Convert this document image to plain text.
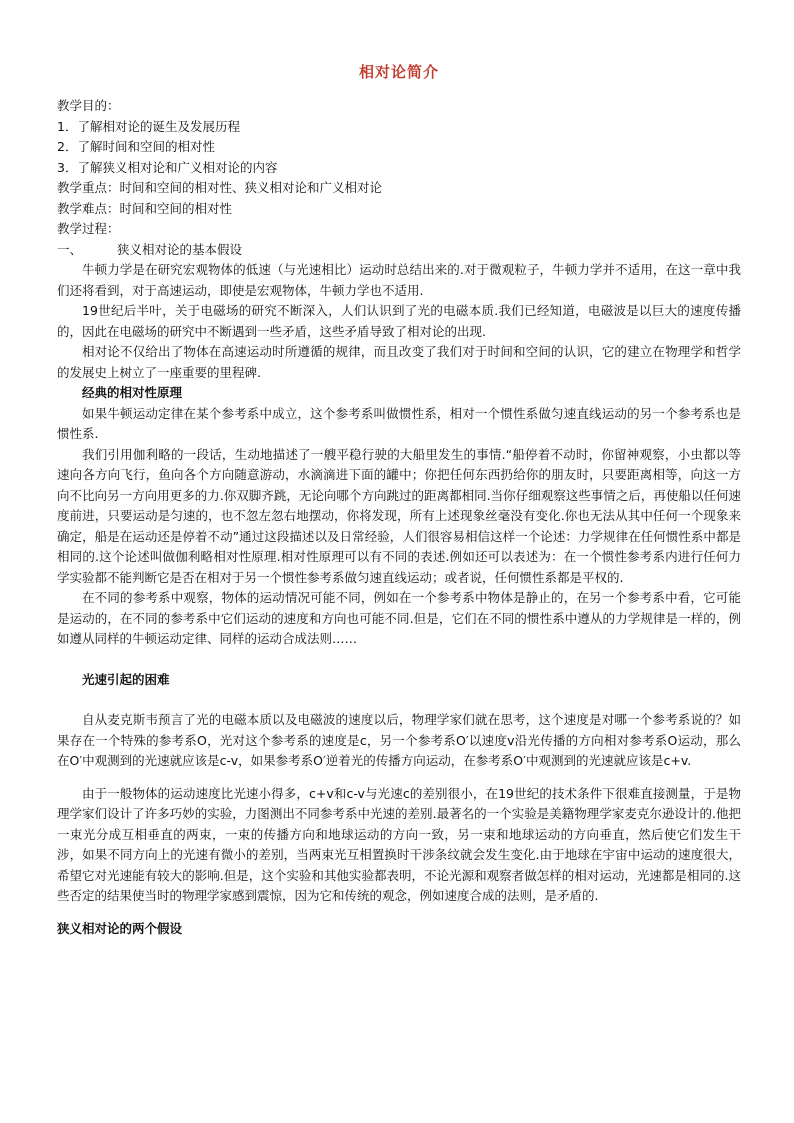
相对论简介

教学目的：

1．了解相对论的诞生及发展历程

2．了解时间和空间的相对性

3．了解狭义相对论和广义相对论的内容

教学重点：时间和空间的相对性、狭义相对论和广义相对论

教学难点：时间和空间的相对性

教学过程：

一、	狭义相对论的基本假设

牛顿力学是在研究宏观物体的低速（与光速相比）运动时总结出来的.对于微观粒子，牛顿力学并不适用，在这一章中我们还将看到，对于高速运动，即使是宏观物体，牛顿力学也不适用.

19世纪后半叶，关于电磁场的研究不断深入，人们认识到了光的电磁本质.我们已经知道，电磁波是以巨大的速度传播的，因此在电磁场的研究中不断遇到一些矛盾，这些矛盾导致了相对论的出现.

相对论不仅给出了物体在高速运动时所遵循的规律，而且改变了我们对于时间和空间的认识，它的建立在物理学和哲学的发展史上树立了一座重要的里程碑.

经典的相对性原理

如果牛顿运动定律在某个参考系中成立，这个参考系叫做惯性系，相对一个惯性系做匀速直线运动的另一个参考系也是惯性系.

我们引用伽利略的一段话，生动地描述了一艘平稳行驶的大船里发生的事情.“船停着不动时，你留神观察，小虫都以等速向各方向飞行，鱼向各个方向随意游动，水滴滴进下面的罐中；你把任何东西扔给你的朋友时，只要距离相等，向这一方向不比向另一方向用更多的力.你双脚齐跳，无论向哪个方向跳过的距离都相同.当你仔细观察这些事情之后，再使船以任何速度前进，只要运动是匀速的，也不忽左忽右地摆动，你将发现，所有上述现象丝毫没有变化.你也无法从其中任何一个现象来确定，船是在运动还是停着不动”通过这段描述以及日常经验，人们很容易相信这样一个论述：力学规律在任何惯性系中都是相同的.这个论述叫做伽利略相对性原理.相对性原理可以有不同的表述.例如还可以表述为：在一个惯性参考系内进行任何力学实验都不能判断它是否在相对于另一个惯性参考系做匀速直线运动；或者说，任何惯性系都是平权的.

在不同的参考系中观察，物体的运动情况可能不同，例如在一个参考系中物体是静止的，在另一个参考系中看，它可能是运动的，在不同的参考系中它们运动的速度和方向也可能不同.但是，它们在不同的惯性系中遵从的力学规律是一样的，例如遵从同样的牛顿运动定律、同样的运动合成法则……

光速引起的困难

自从麦克斯韦预言了光的电磁本质以及电磁波的速度以后，物理学家们就在思考，这个速度是对哪一个参考系说的？如果存在一个特殊的参考系O，光对这个参考系的速度是c，另一个参考系O′以速度v沿光传播的方向相对参考系O运动，那么在O′中观测到的光速就应该是c-v，如果参考系O′逆着光的传播方向运动，在参考系O′中观测到的光速就应该是c+v.

由于一般物体的运动速度比光速小得多，c+v和c-v与光速c的差别很小，在19世纪的技术条件下很难直接测量，于是物理学家们设计了许多巧妙的实验，力图测出不同参考系中光速的差别.最著名的一个实验是美籍物理学家麦克尔逊设计的.他把一束光分成互相垂直的两束，一束的传播方向和地球运动的方向一致，另一束和地球运动的方向垂直，然后使它们发生干涉，如果不同方向上的光速有微小的差别，当两束光互相置换时干涉条纹就会发生变化.由于地球在宇宙中运动的速度很大，希望它对光速能有较大的影响.但是，这个实验和其他实验都表明，不论光源和观察者做怎样的相对运动，光速都是相同的.这些否定的结果使当时的物理学家感到震惊，因为它和传统的观念，例如速度合成的法则，是矛盾的.

狭义相对论的两个假设
